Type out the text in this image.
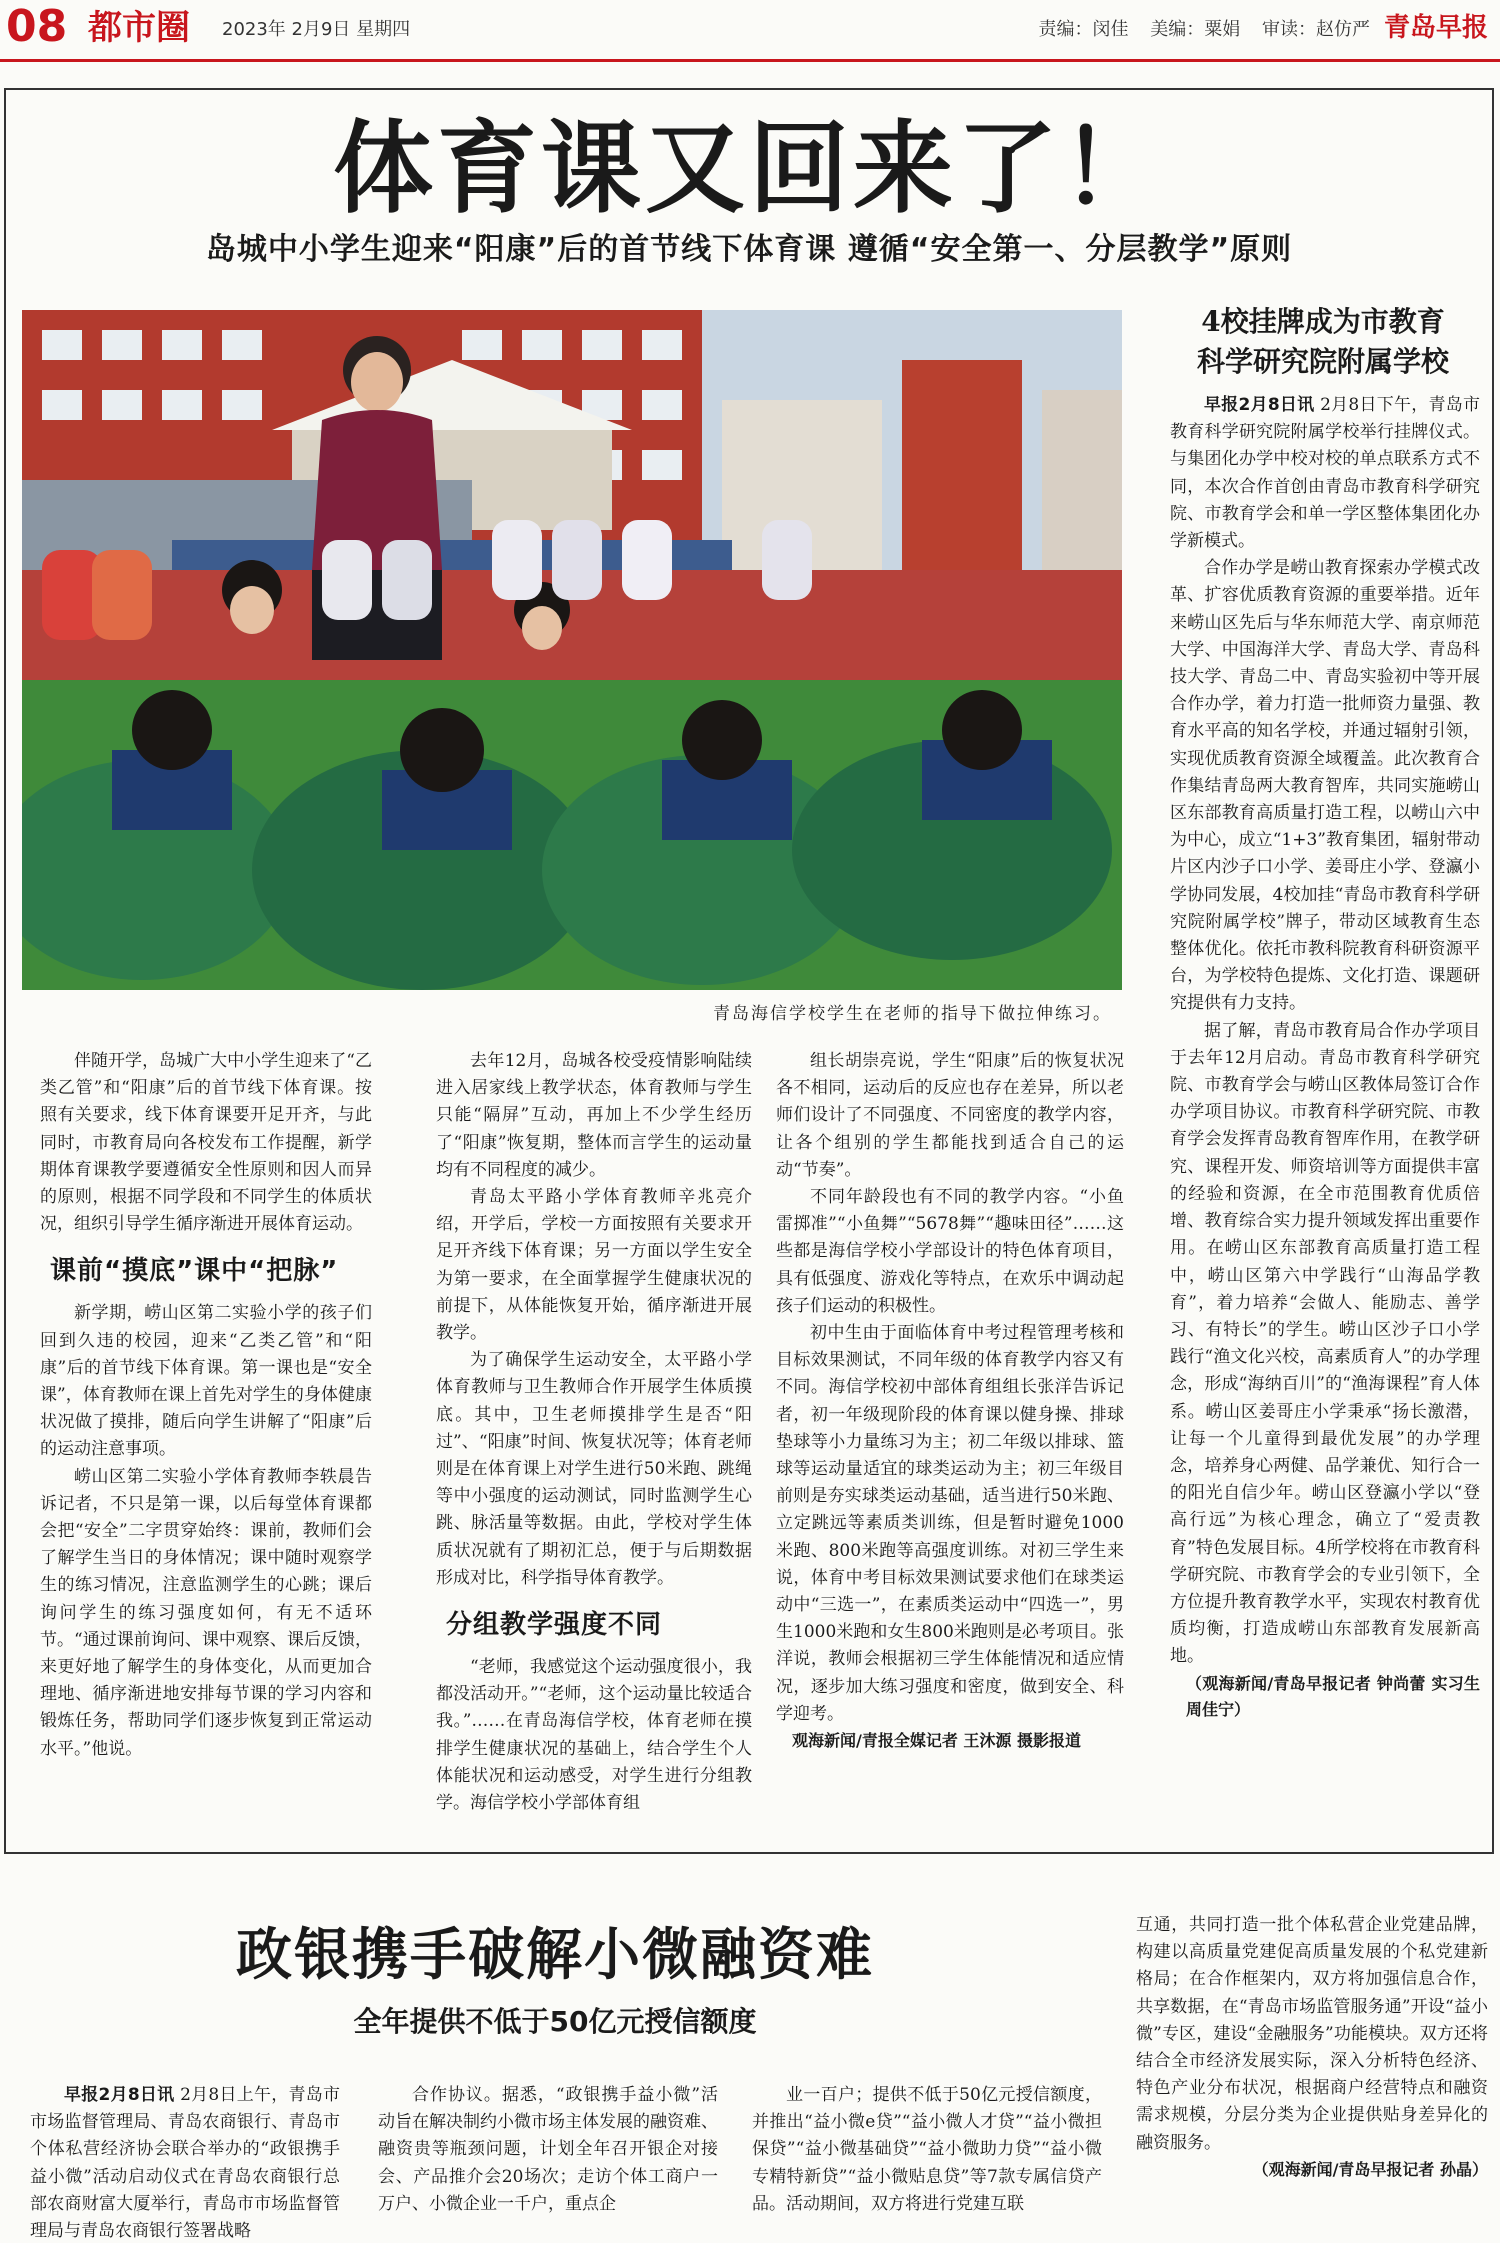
08 都市圈 2023年 2月9日 星期四	责编：闵佳 美编：粟娟 审读：赵仿严 青岛早报
体育课又回来了！
岛城中小学生迎来“阳康”后的首节线下体育课 遵循“安全第一、分层教学”原则
青岛海信学校学生在老师的指导下做拉伸练习。

伴随开学，岛城广大中小学生迎来了“乙类乙管”和“阳康”后的首节线下体育课。按照有关要求，线下体育课要开足开齐，与此同时，市教育局向各校发布工作提醒，新学期体育课教学要遵循安全性原则和因人而异的原则，根据不同学段和不同学生的体质状况，组织引导学生循序渐进开展体育运动。

课前“摸底”课中“把脉”

新学期，崂山区第二实验小学的孩子们回到久违的校园，迎来“乙类乙管”和“阳康”后的首节线下体育课。第一课也是“安全课”，体育教师在课上首先对学生的身体健康状况做了摸排，随后向学生讲解了“阳康”后的运动注意事项。

崂山区第二实验小学体育教师李轶晨告诉记者，不只是第一课，以后每堂体育课都会把“安全”二字贯穿始终：课前，教师们会了解学生当日的身体情况；课中随时观察学生的练习情况，注意监测学生的心跳；课后询问学生的练习强度如何，有无不适环节。“通过课前询问、课中观察、课后反馈，来更好地了解学生的身体变化，从而更加合理地、循序渐进地安排每节课的学习内容和锻炼任务，帮助同学们逐步恢复到正常运动水平。”他说。

去年12月，岛城各校受疫情影响陆续进入居家线上教学状态，体育教师与学生只能“隔屏”互动，再加上不少学生经历了“阳康”恢复期，整体而言学生的运动量均有不同程度的减少。

青岛太平路小学体育教师辛兆亮介绍，开学后，学校一方面按照有关要求开足开齐线下体育课；另一方面以学生安全为第一要求，在全面掌握学生健康状况的前提下，从体能恢复开始，循序渐进开展教学。

为了确保学生运动安全，太平路小学体育教师与卫生教师合作开展学生体质摸底。其中，卫生老师摸排学生是否“阳过”、“阳康”时间、恢复状况等；体育老师则是在体育课上对学生进行50米跑、跳绳等中小强度的运动测试，同时监测学生心跳、脉活量等数据。由此，学校对学生体质状况就有了期初汇总，便于与后期数据形成对比，科学指导体育教学。

分组教学强度不同

“老师，我感觉这个运动强度很小，我都没活动开。”“老师，这个运动量比较适合我。”……在青岛海信学校，体育老师在摸排学生健康状况的基础上，结合学生个人体能状况和运动感受，对学生进行分组教学。海信学校小学部体育组

组长胡崇亮说，学生“阳康”后的恢复状况各不相同，运动后的反应也存在差异，所以老师们设计了不同强度、不同密度的教学内容，让各个组别的学生都能找到适合自己的运动“节奏”。

不同年龄段也有不同的教学内容。“小鱼雷掷准”“小鱼舞”“5678舞”“趣味田径”……这些都是海信学校小学部设计的特色体育项目，具有低强度、游戏化等特点，在欢乐中调动起孩子们运动的积极性。

初中生由于面临体育中考过程管理考核和目标效果测试，不同年级的体育教学内容又有不同。海信学校初中部体育组组长张洋告诉记者，初一年级现阶段的体育课以健身操、排球垫球等小力量练习为主；初二年级以排球、篮球等运动量适宜的球类运动为主；初三年级目前则是夯实球类运动基础，适当进行50米跑、立定跳远等素质类训练，但是暂时避免1000米跑、800米跑等高强度训练。对初三学生来说，体育中考目标效果测试要求他们在球类运动中“三选一”，在素质类运动中“四选一”，男生1000米跑和女生800米跑则是必考项目。张洋说，教师会根据初三学生体能情况和适应情况，逐步加大练习强度和密度，做到安全、科学迎考。

观海新闻/青报全媒记者 王沐源 摄影报道

4校挂牌成为市教育
科学研究院附属学校

早报2月8日讯 2月8日下午，青岛市教育科学研究院附属学校举行挂牌仪式。与集团化办学中校对校的单点联系方式不同，本次合作首创由青岛市教育科学研究院、市教育学会和单一学区整体集团化办学新模式。

合作办学是崂山教育探索办学模式改革、扩容优质教育资源的重要举措。近年来崂山区先后与华东师范大学、南京师范大学、中国海洋大学、青岛大学、青岛科技大学、青岛二中、青岛实验初中等开展合作办学，着力打造一批师资力量强、教育水平高的知名学校，并通过辐射引领，实现优质教育资源全域覆盖。此次教育合作集结青岛两大教育智库，共同实施崂山区东部教育高质量打造工程，以崂山六中为中心，成立“1+3”教育集团，辐射带动片区内沙子口小学、姜哥庄小学、登瀛小学协同发展，4校加挂“青岛市教育科学研究院附属学校”牌子，带动区域教育生态整体优化。依托市教科院教育科研资源平台，为学校特色提炼、文化打造、课题研究提供有力支持。

据了解，青岛市教育局合作办学项目于去年12月启动。青岛市教育科学研究院、市教育学会与崂山区教体局签订合作办学项目协议。市教育科学研究院、市教育学会发挥青岛教育智库作用，在教学研究、课程开发、师资培训等方面提供丰富的经验和资源，在全市范围教育优质倍增、教育综合实力提升领域发挥出重要作用。在崂山区东部教育高质量打造工程中，崂山区第六中学践行“山海品学教育”，着力培养“会做人、能励志、善学习、有特长”的学生。崂山区沙子口小学践行“渔文化兴校，高素质育人”的办学理念，形成“海纳百川”的“渔海课程”育人体系。崂山区姜哥庄小学秉承“扬长激潜，让每一个儿童得到最优发展”的办学理念，培养身心两健、品学兼优、知行合一的阳光自信少年。崂山区登瀛小学以“登高行远”为核心理念，确立了“爱责教育”特色发展目标。4所学校将在市教育科学研究院、市教育学会的专业引领下，全方位提升教育教学水平，实现农村教育优质均衡，打造成崂山东部教育发展新高地。

（观海新闻/青岛早报记者 钟尚蕾 实习生 周佳宁）

政银携手破解小微融资难
全年提供不低于50亿元授信额度

早报2月8日讯 2月8日上午，青岛市市场监督管理局、青岛农商银行、青岛市个体私营经济协会联合举办的“政银携手益小微”活动启动仪式在青岛农商银行总部农商财富大厦举行，青岛市市场监督管理局与青岛农商银行签署战略

合作协议。据悉，“政银携手益小微”活动旨在解决制约小微市场主体发展的融资难、融资贵等瓶颈问题，计划全年召开银企对接会、产品推介会20场次；走访个体工商户一万户、小微企业一千户，重点企

业一百户；提供不低于50亿元授信额度，并推出“益小微e贷”“益小微人才贷”“益小微担保贷”“益小微基础贷”“益小微助力贷”“益小微专精特新贷”“益小微贴息贷”等7款专属信贷产品。活动期间，双方将进行党建互联

互通，共同打造一批个体私营企业党建品牌，构建以高质量党建促高质量发展的个私党建新格局；在合作框架内，双方将加强信息合作，共享数据，在“青岛市场监管服务通”开设“益小微”专区，建设“金融服务”功能模块。双方还将结合全市经济发展实际，深入分析特色经济、特色产业分布状况，根据商户经营特点和融资需求规模，分层分类为企业提供贴身差异化的融资服务。

（观海新闻/青岛早报记者 孙晶）
